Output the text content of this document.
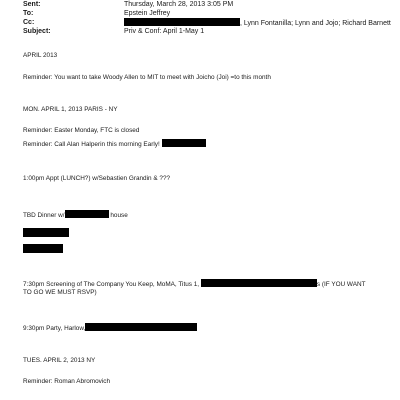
Sent:	Thursday, March 28, 2013 3:05 PM
To:	Epstein Jeffrey
Cc:	, Lynn Fontanilla; Lynn and Jojo; Richard Barnett
Subject:	Priv & Conf: April 1-May 1
APRIL 2013
Reminder: You want to take Woody Allen to MIT to meet with Joicho (Joi) =to this month
MON. APRIL 1, 2013 PARIS - NY
Reminder: Easter Monday, FTC is closed
Reminder: Call Alan Halperin this morning Early!
1:00pm Appt (LUNCH?) w/Sebastien Grandin & ???
TBD Dinner w/	house
7:30pm Screening of The Company You Keep, MoMA, Titus 1,	s (IF YOU WANT TO GO WE MUST RSVP)
9:30pm Party, Harlow,
TUES. APRIL 2, 2013 NY
Reminder: Roman Abromovich
